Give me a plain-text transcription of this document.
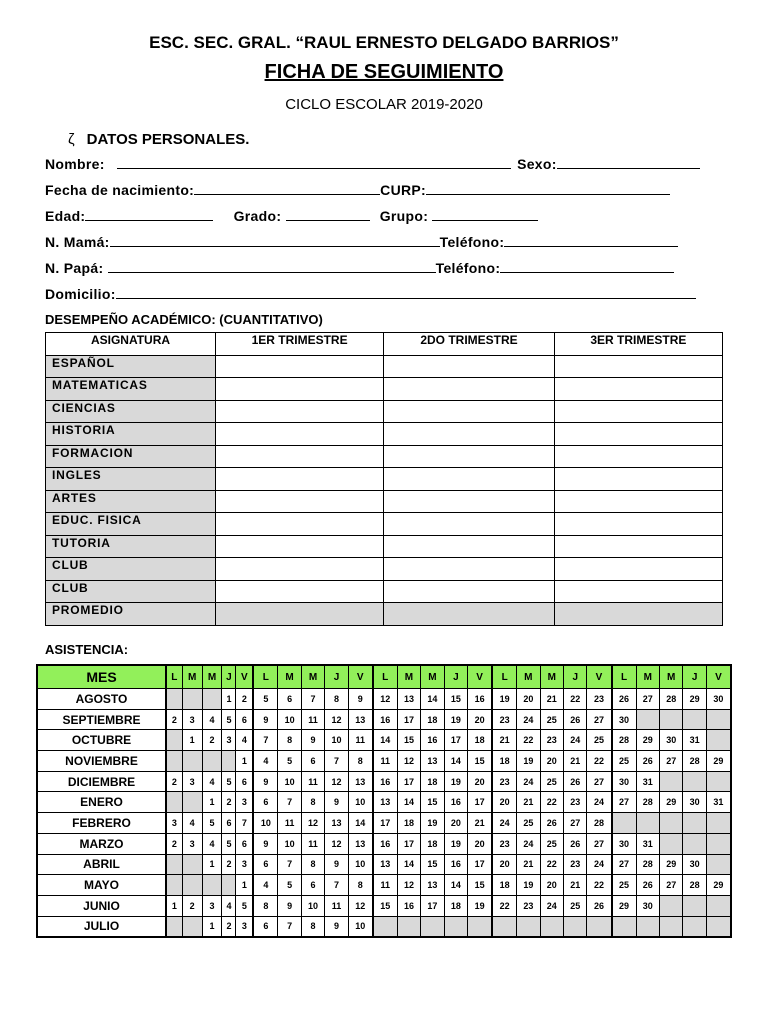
ESC. SEC. GRAL. “RAUL ERNESTO DELGADO BARRIOS”
FICHA DE SEGUIMIENTO
CICLO ESCOLAR 2019-2020
ζ DATOS PERSONALES.
Nombre:	Sexo:
Fecha de nacimiento:	CURP:
Edad:	Grado:	Grupo:
N. Mamá:	Teléfono:
N. Papá:	Teléfono:
Domicilio:
DESEMPEÑO ACADÉMICO: (CUANTITATIVO)
ASIGNATURA	1ER TRIMESTRE	2DO TRIMESTRE	3ER TRIMESTRE
ESPAÑOL			
MATEMATICAS			
CIENCIAS			
HISTORIA			
FORMACION			
INGLES			
ARTES			
EDUC. FISICA			
TUTORIA			
CLUB			
CLUB			
PROMEDIO			
ASISTENCIA:
MES	L	M	M	J	V	L	M	M	J	V	L	M	M	J	V	L	M	M	J	V	L	M	M	J	V
AGOSTO				1	2	5	6	7	8	9	12	13	14	15	16	19	20	21	22	23	26	27	28	29	30
SEPTIEMBRE	2	3	4	5	6	9	10	11	12	13	16	17	18	19	20	23	24	25	26	27	30				
OCTUBRE		1	2	3	4	7	8	9	10	11	14	15	16	17	18	21	22	23	24	25	28	29	30	31	
NOVIEMBRE					1	4	5	6	7	8	11	12	13	14	15	18	19	20	21	22	25	26	27	28	29
DICIEMBRE	2	3	4	5	6	9	10	11	12	13	16	17	18	19	20	23	24	25	26	27	30	31			
ENERO			1	2	3	6	7	8	9	10	13	14	15	16	17	20	21	22	23	24	27	28	29	30	31
FEBRERO	3	4	5	6	7	10	11	12	13	14	17	18	19	20	21	24	25	26	27	28					
MARZO	2	3	4	5	6	9	10	11	12	13	16	17	18	19	20	23	24	25	26	27	30	31			
ABRIL			1	2	3	6	7	8	9	10	13	14	15	16	17	20	21	22	23	24	27	28	29	30	
MAYO					1	4	5	6	7	8	11	12	13	14	15	18	19	20	21	22	25	26	27	28	29
JUNIO	1	2	3	4	5	8	9	10	11	12	15	16	17	18	19	22	23	24	25	26	29	30			
JULIO			1	2	3	6	7	8	9	10															
